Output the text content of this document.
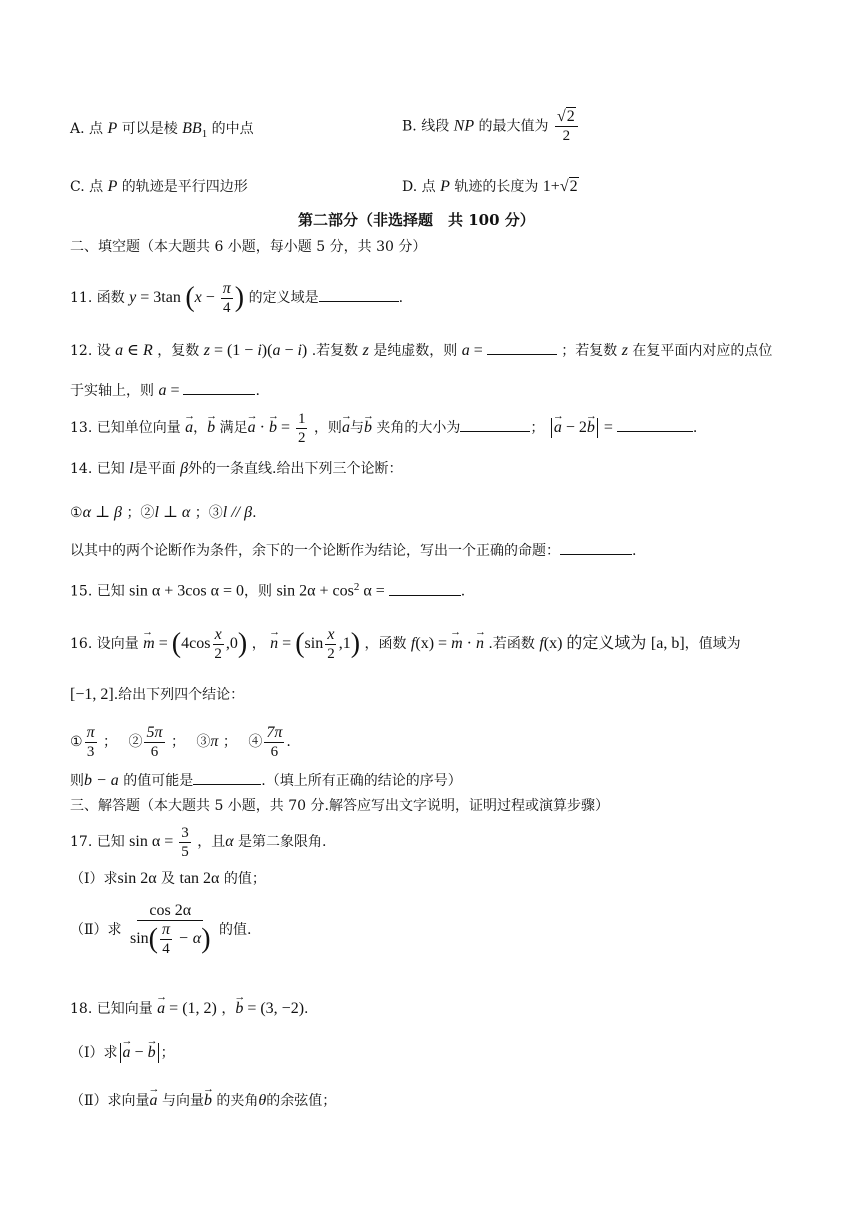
A. 点 P 可以是棱 $BB_1$ 的中点	B. 线段 NP 的最大值为 $\frac{√2}{2}$
C. 点 P 的轨迹是平行四边形	D. 点 P 轨迹的长度为 1+√2
第二部分（非选择题　共 100 分）
二、填空题（本大题共 6 小题，每小题 5 分，共 30 分）
11. 函数 y = 3tan ($x - \frac{\pi}{4}$ ) 的定义域是	.
12. 设 a ∈ R ，复数 z = (1 − i)(a − i) .若复数 z 是纯虚数，则 a =	；若复数 z 在复平面内对应的点位
于实轴上，则 a =	.
13. 已知单位向量 → a，→ b 满足→ a · → $b = \frac{1}{2}$ ，则→ a与→ b 夹角的大小为	； → a − 2→ b =	.
14. 已知 l是平面 β外的一条直线.给出下列三个论断：
①α ⊥ β ；②l ⊥ α ；③l // β.
以其中的两个论断作为条件，余下的一个论断作为结论，写出一个正确的命题：	.
15. 已知 sin α + 3cos α = 0，则 $\sin 2\alpha + \cos^2 \alpha$ =	.
16. 设向量 → $m = (4\cos \frac{x}{2} ,0)$ ， → $n = (\sin \frac{x}{2} ,1)$ ，函数 f(x) = → m · → n .若函数 f(x) 的定义域为 [a, b]，值域为
[−1, 2].给出下列四个结论：
① $\frac{\pi}{3}$ ；　 ② $\frac{5\pi}{6}$ ；　 ③π ；　 ④ $\frac{7\pi}{6}$ .
则b − a 的值可能是	.（填上所有正确的结论的序号）
三、解答题（本大题共 5 小题，共 70 分.解答应写出文字说明，证明过程或演算步骤）
17. 已知 $\sin \alpha = \frac{3}{5}$ ，且α 是第二象限角.
（Ⅰ）求sin 2α 及 tan 2α 的值；
（Ⅱ）求 $\frac{\cos 2\alpha}{\sin( \frac{\pi}{4} - \alpha)}$ 的值.
18. 已知向量 → a = (1, 2) ，→ b = (3, −2).
（Ⅰ）求 → a − → b ；
（Ⅱ）求向量→ a 与向量→ b 的夹角θ的余弦值；
